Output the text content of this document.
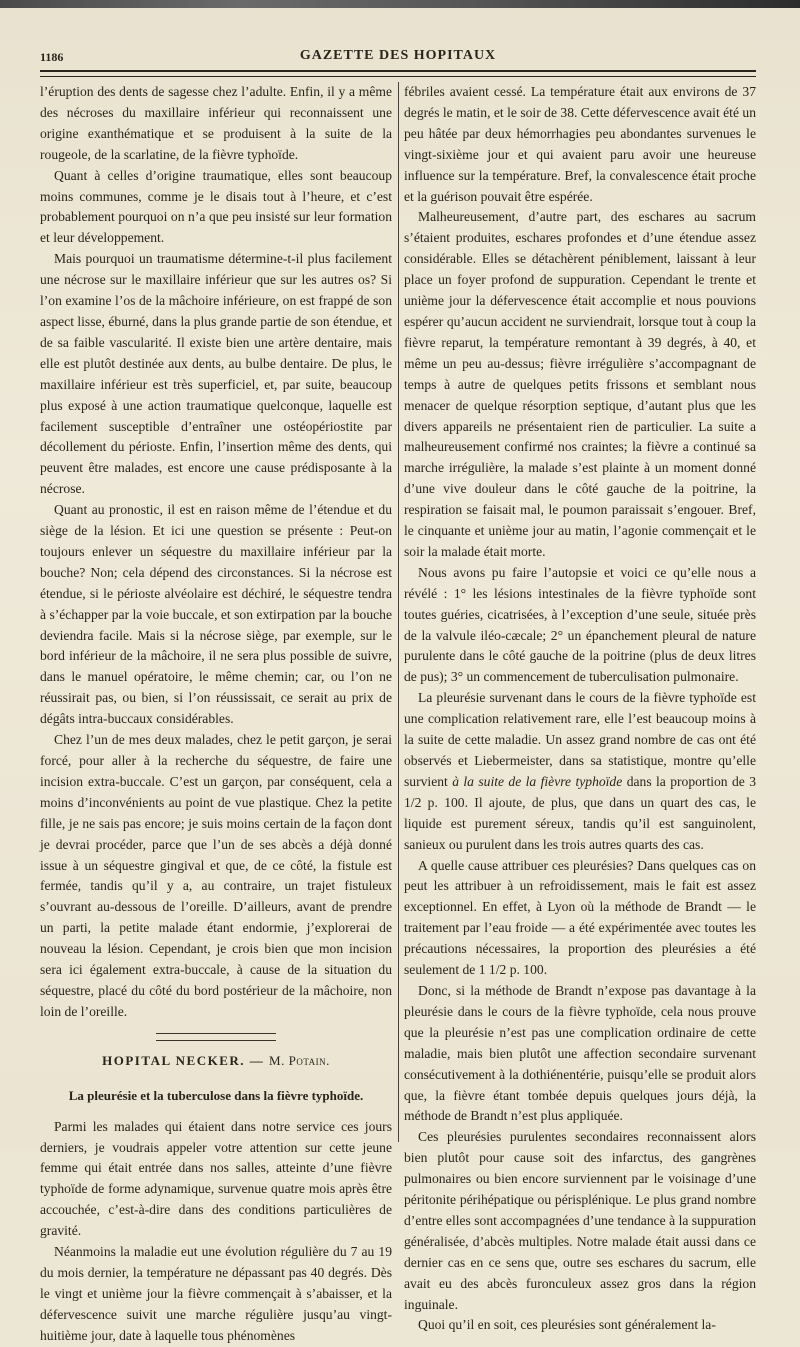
1186	GAZETTE DES HOPITAUX

l’éruption des dents de sagesse chez l’adulte. Enfin, il y a même des nécroses du maxillaire inférieur qui reconnaissent une origine exanthématique et se produisent à la suite de la rougeole, de la scarlatine, de la fièvre typhoïde.

Quant à celles d’origine traumatique, elles sont beaucoup moins communes, comme je le disais tout à l’heure, et c’est probablement pourquoi on n’a que peu insisté sur leur formation et leur développement.

Mais pourquoi un traumatisme détermine-t-il plus facilement une nécrose sur le maxillaire inférieur que sur les autres os? Si l’on examine l’os de la mâchoire inférieure, on est frappé de son aspect lisse, éburné, dans la plus grande partie de son étendue, et de sa faible vascularité. Il existe bien une artère dentaire, mais elle est plutôt destinée aux dents, au bulbe dentaire. De plus, le maxillaire inférieur est très superficiel, et, par suite, beaucoup plus exposé à une action traumatique quelconque, laquelle est facilement susceptible d’entraîner une ostéopériostite par décollement du périoste. Enfin, l’insertion même des dents, qui peuvent être malades, est encore une cause prédisposante à la nécrose.

Quant au pronostic, il est en raison même de l’étendue et du siège de la lésion. Et ici une question se présente : Peut-on toujours enlever un séquestre du maxillaire inférieur par la bouche? Non; cela dépend des circonstances. Si la nécrose est étendue, si le périoste alvéolaire est déchiré, le séquestre tendra à s’échapper par la voie buccale, et son extirpation par la bouche deviendra facile. Mais si la nécrose siège, par exemple, sur le bord inférieur de la mâchoire, il ne sera plus possible de suivre, dans le manuel opératoire, le même chemin; car, ou l’on ne réussirait pas, ou bien, si l’on réussissait, ce serait au prix de dégâts intra-buccaux considérables.

Chez l’un de mes deux malades, chez le petit garçon, je serai forcé, pour aller à la recherche du séquestre, de faire une incision extra-buccale. C’est un garçon, par conséquent, cela a moins d’inconvénients au point de vue plastique. Chez la petite fille, je ne sais pas encore; je suis moins certain de la façon dont je devrai procéder, parce que l’un de ses abcès a déjà donné issue à un séquestre gingival et que, de ce côté, la fistule est fermée, tandis qu’il y a, au contraire, un trajet fistuleux s’ouvrant au-dessous de l’oreille. D’ailleurs, avant de prendre un parti, la petite malade étant endormie, j’explorerai de nouveau la lésion. Cependant, je crois bien que mon incision sera ici également extra-buccale, à cause de la situation du séquestre, placé du côté du bord postérieur de la mâchoire, non loin de l’oreille.

HOPITAL NECKER. — M. Potain.
La pleurésie et la tuberculose dans la fièvre typhoïde.

Parmi les malades qui étaient dans notre service ces jours derniers, je voudrais appeler votre attention sur cette jeune femme qui était entrée dans nos salles, atteinte d’une fièvre typhoïde de forme adynamique, survenue quatre mois après être accouchée, c’est-à-dire dans des conditions particulières de gravité.

Néanmoins la maladie eut une évolution régulière du 7 au 19 du mois dernier, la température ne dépassant pas 40 degrés. Dès le vingt et unième jour la fièvre commençait à s’abaisser, et la défervescence suivit une marche régulière jusqu’au vingt-huitième jour, date à laquelle tous phénomènes

fébriles avaient cessé. La température était aux environs de 37 degrés le matin, et le soir de 38. Cette défervescence avait été un peu hâtée par deux hémorrhagies peu abondantes survenues le vingt-sixième jour et qui avaient paru avoir une heureuse influence sur la température. Bref, la convalescence était proche et la guérison pouvait être espérée.

Malheureusement, d’autre part, des eschares au sacrum s’étaient produites, eschares profondes et d’une étendue assez considérable. Elles se détachèrent péniblement, laissant à leur place un foyer profond de suppuration. Cependant le trente et unième jour la défervescence était accomplie et nous pouvions espérer qu’aucun accident ne surviendrait, lorsque tout à coup la fièvre reparut, la température remontant à 39 degrés, à 40, et même un peu au-dessus; fièvre irrégulière s’accompagnant de temps à autre de quelques petits frissons et semblant nous menacer de quelque résorption septique, d’autant plus que les divers appareils ne présentaient rien de particulier. La suite a malheureusement confirmé nos craintes; la fièvre a continué sa marche irrégulière, la malade s’est plainte à un moment donné d’une vive douleur dans le côté gauche de la poitrine, la respiration se faisait mal, le poumon paraissait s’engouer. Bref, le cinquante et unième jour au matin, l’agonie commençait et le soir la malade était morte.

Nous avons pu faire l’autopsie et voici ce qu’elle nous a révélé : 1° les lésions intestinales de la fièvre typhoïde sont toutes guéries, cicatrisées, à l’exception d’une seule, située près de la valvule iléo-cæcale; 2° un épanchement pleural de nature purulente dans le côté gauche de la poitrine (plus de deux litres de pus); 3° un commencement de tuberculisation pulmonaire.

La pleurésie survenant dans le cours de la fièvre typhoïde est une complication relativement rare, elle l’est beaucoup moins à la suite de cette maladie. Un assez grand nombre de cas ont été observés et Liebermeister, dans sa statistique, montre qu’elle survient à la suite de la fièvre typhoïde dans la proportion de 3 1/2 p. 100. Il ajoute, de plus, que dans un quart des cas, le liquide est purement séreux, tandis qu’il est sanguinolent, sanieux ou purulent dans les trois autres quarts des cas.

A quelle cause attribuer ces pleurésies? Dans quelques cas on peut les attribuer à un refroidissement, mais le fait est assez exceptionnel. En effet, à Lyon où la méthode de Brandt — le traitement par l’eau froide — a été expérimentée avec toutes les précautions nécessaires, la proportion des pleurésies a été seulement de 1 1/2 p. 100.

Donc, si la méthode de Brandt n’expose pas davantage à la pleurésie dans le cours de la fièvre typhoïde, cela nous prouve que la pleurésie n’est pas une complication ordinaire de cette maladie, mais bien plutôt une affection secondaire survenant consécutivement à la dothiénentérie, puisqu’elle se produit alors que, la fièvre étant tombée depuis quelques jours déjà, la méthode de Brandt n’est plus appliquée.

Ces pleurésies purulentes secondaires reconnaissent alors bien plutôt pour cause soit des infarctus, des gangrènes pulmonaires ou bien encore surviennent par le voisinage d’une péritonite périhépatique ou périsplénique. Le plus grand nombre d’entre elles sont accompagnées d’une tendance à la suppuration généralisée, d’abcès multiples. Notre malade était aussi dans ce dernier cas en ce sens que, outre ses eschares du sacrum, elle avait eu des abcès furonculeux assez gros dans la région inguinale.

Quoi qu’il en soit, ces pleurésies sont généralement la-
